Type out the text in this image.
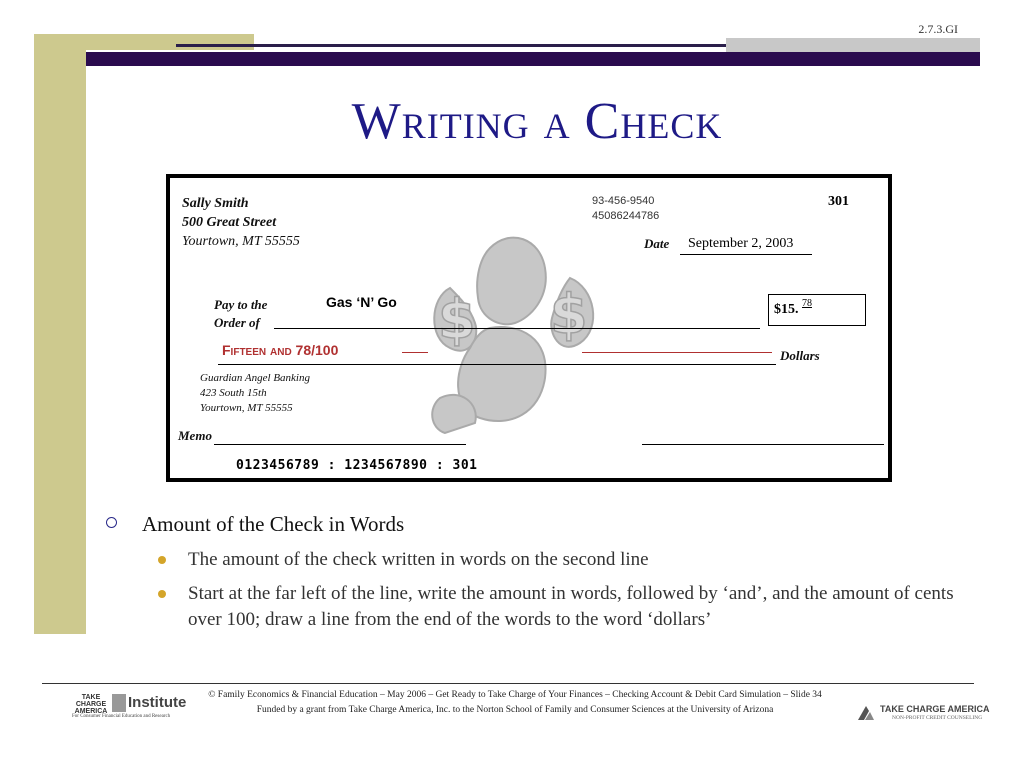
2.7.3.GI
Writing a Check
$ $
Sally Smith
500 Great Street
Yourtown, MT 55555
93-456-9540
45086244786
301
Date September 2, 2003
Pay to the
Order of
Gas ‘N’ Go	$15. 78
Fifteen and 78/100	Dollars
Guardian Angel Banking
423 South 15th
Yourtown, MT 55555
Memo
0123456789 : 1234567890 : 301
Amount of the Check in Words
The amount of the check written in words on the second line
Start at the far left of the line, write the amount in words, followed by ‘and’, and the amount of cents over 100; draw a line from the end of the words to the word ‘dollars’
© Family Economics & Financial Education – May 2006 – Get Ready to Take Charge of Your Finances – Checking Account & Debit Card Simulation – Slide 34
Funded by a grant from Take Charge America, Inc. to the Norton School of Family and Consumer Sciences at the University of Arizona
TAKE CHARGE AMERICA
Institute
For Consumer Financial Education and Research
TAKE CHARGE AMERICA
NON-PROFIT CREDIT COUNSELING
